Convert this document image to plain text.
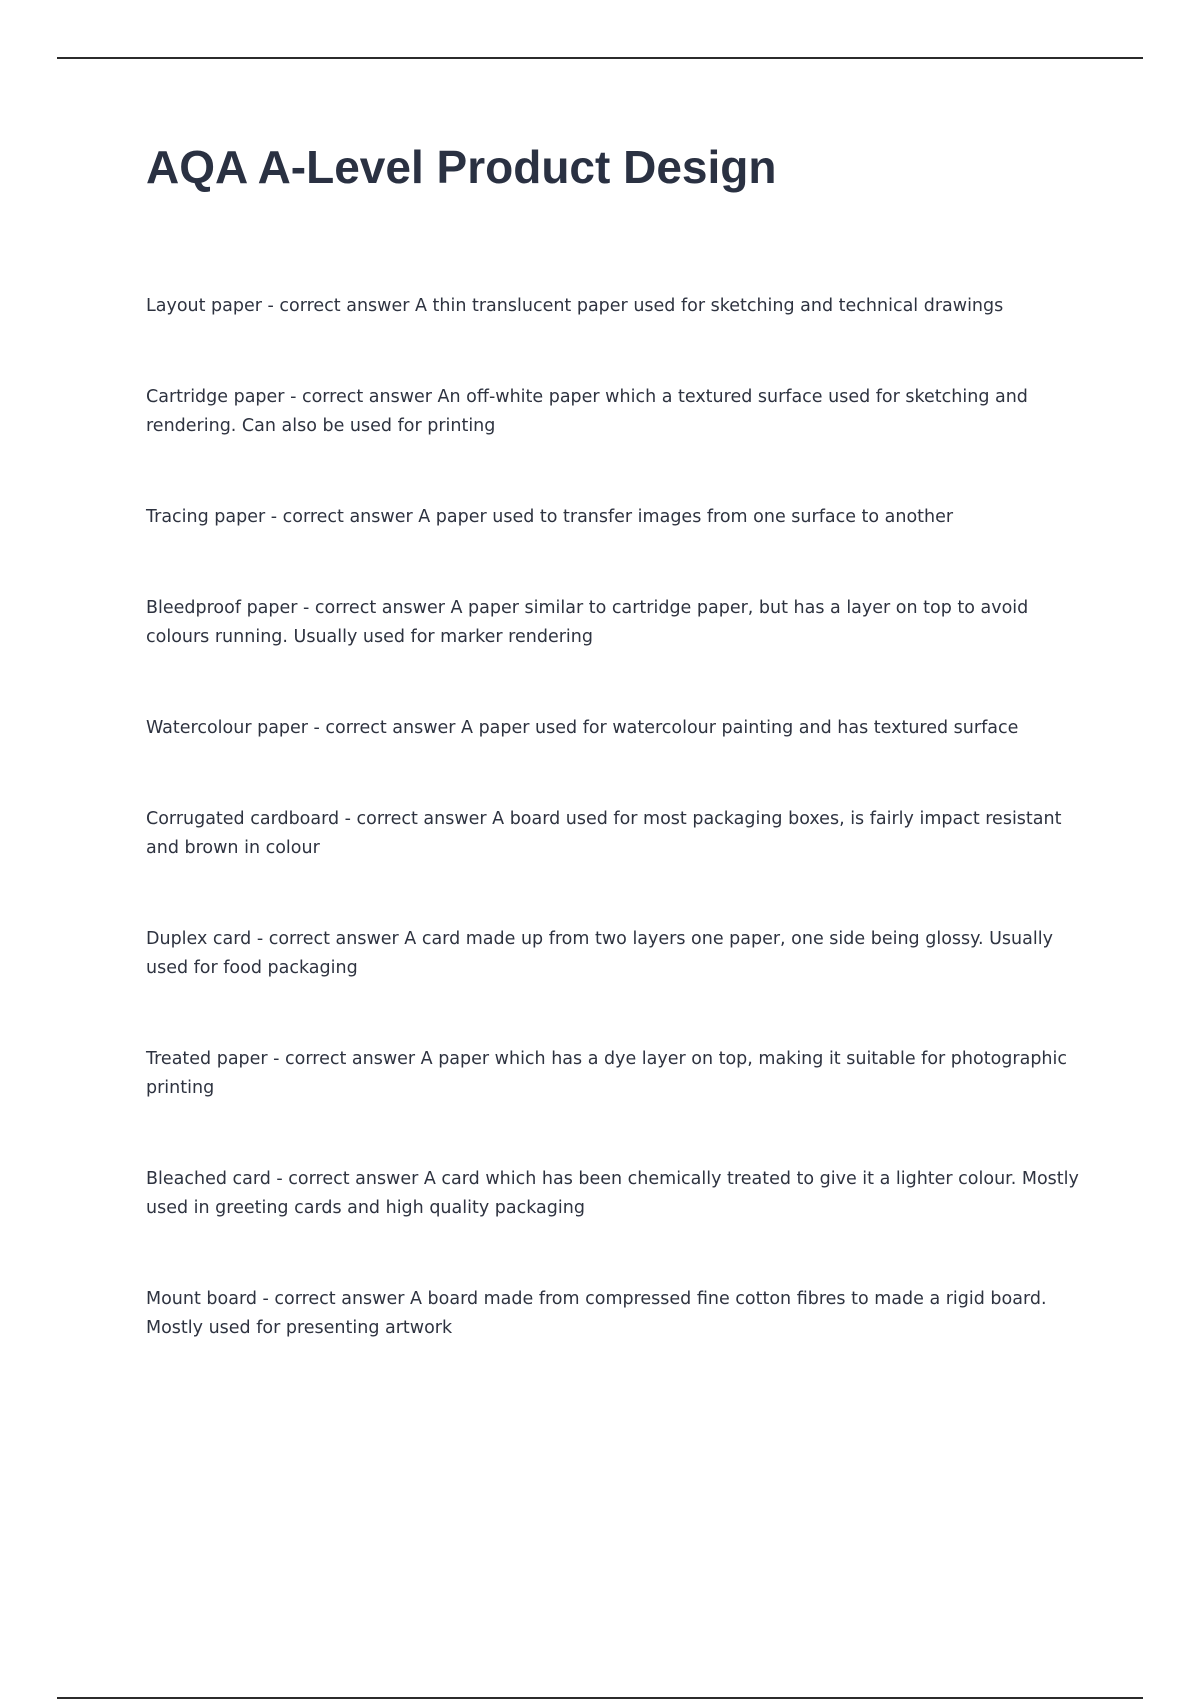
AQA A-Level Product Design
Layout paper - correct answer A thin translucent paper used for sketching and technical drawings
Cartridge paper - correct answer An off-white paper which a textured surface used for sketching and rendering. Can also be used for printing
Tracing paper - correct answer A paper used to transfer images from one surface to another
Bleedproof paper - correct answer A paper similar to cartridge paper, but has a layer on top to avoid colours running. Usually used for marker rendering
Watercolour paper - correct answer A paper used for watercolour painting and has textured surface
Corrugated cardboard - correct answer A board used for most packaging boxes, is fairly impact resistant and brown in colour
Duplex card - correct answer A card made up from two layers one paper, one side being glossy. Usually used for food packaging
Treated paper - correct answer A paper which has a dye layer on top, making it suitable for photographic printing
Bleached card - correct answer A card which has been chemically treated to give it a lighter colour. Mostly used in greeting cards and high quality packaging
Mount board - correct answer A board made from compressed fine cotton fibres to made a rigid board. Mostly used for presenting artwork
